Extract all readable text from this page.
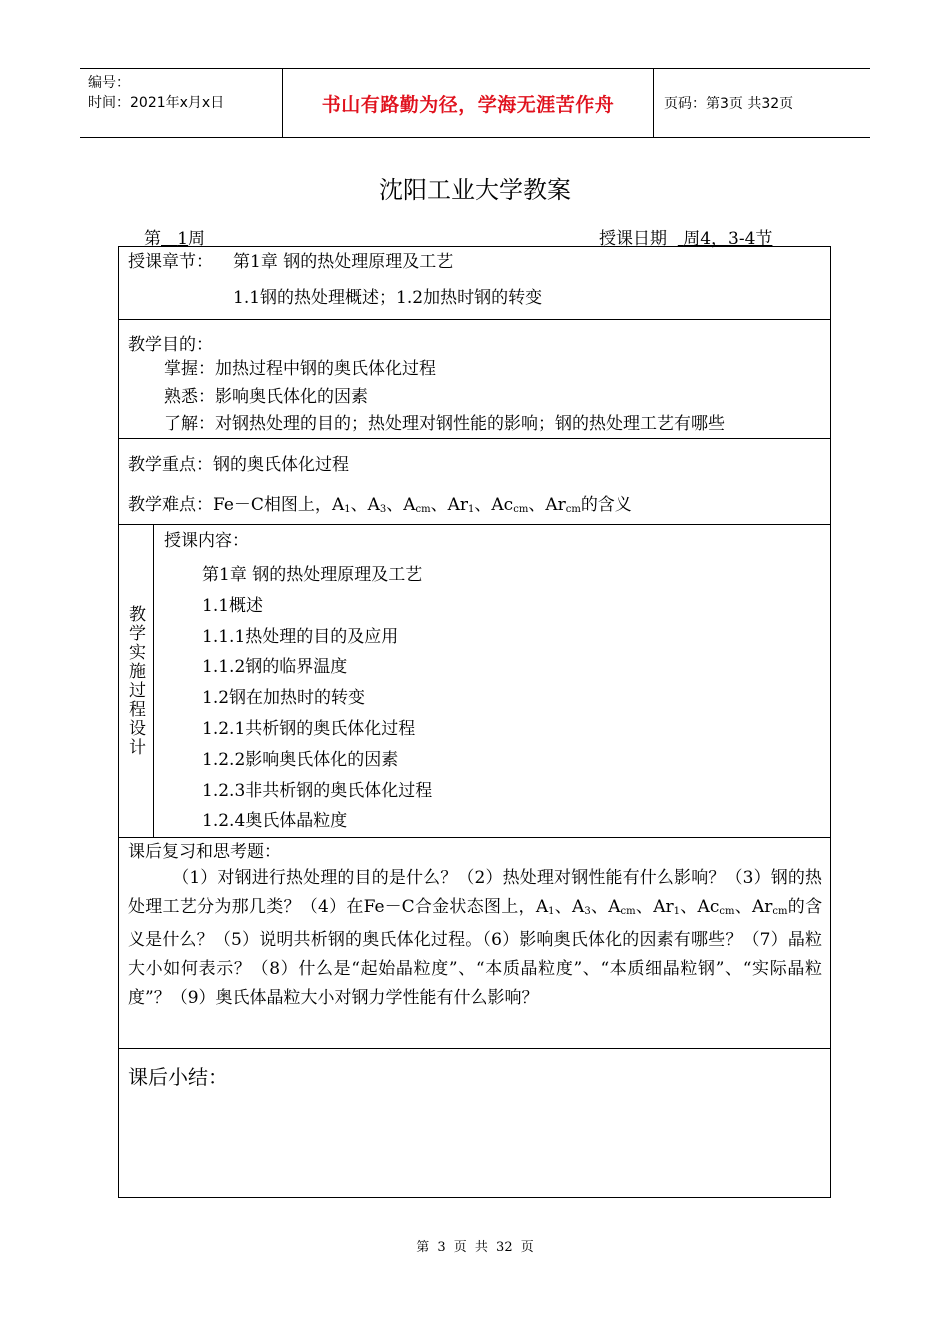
编号：
时间：2021年x月x日	书山有路勤为径，学海无涯苦作舟	页码：第3页 共32页
沈阳工业大学教案
第 1周	授课日期 周4，3-4节
授课章节： 第1章 钢的热处理原理及工艺
1.1钢的热处理概述；1.2加热时钢的转变
教学目的：
掌握：加热过程中钢的奥氏体化过程
熟悉：影响奥氏体化的因素
了解：对钢热处理的目的；热处理对钢性能的影响；钢的热处理工艺有哪些
教学重点：钢的奥氏体化过程
教学难点：Fe－C相图上，$A_1$、$A_3$、$A_{cm}$、$Ar_1$、$Ac_{cm}$、$Ar_{cm}$的含义
教学实施过程设计
授课内容：
第1章 钢的热处理原理及工艺
1.1概述
1.1.1热处理的目的及应用
1.1.2钢的临界温度
1.2钢在加热时的转变
1.2.1共析钢的奥氏体化过程
1.2.2影响奥氏体化的因素
1.2.3非共析钢的奥氏体化过程
1.2.4奥氏体晶粒度
课后复习和思考题：
（1）对钢进行热处理的目的是什么？（2）热处理对钢性能有什么影响？（3）钢的热处理工艺分为那几类？（4）在Fe－C合金状态图上，$A_1$、$A_3$、$A_{cm}$、$Ar_1$、$Ac_{cm}$、$Ar_{cm}$的含义是什么？（5）说明共析钢的奥氏体化过程。（6）影响奥氏体化的因素有哪些？（7）晶粒大小如何表示？（8）什么是“起始晶粒度”、“本质晶粒度”、“本质细晶粒钢”、“实际晶粒度”？（9）奥氏体晶粒大小对钢力学性能有什么影响？
课后小结：
第 3 页 共 32 页
